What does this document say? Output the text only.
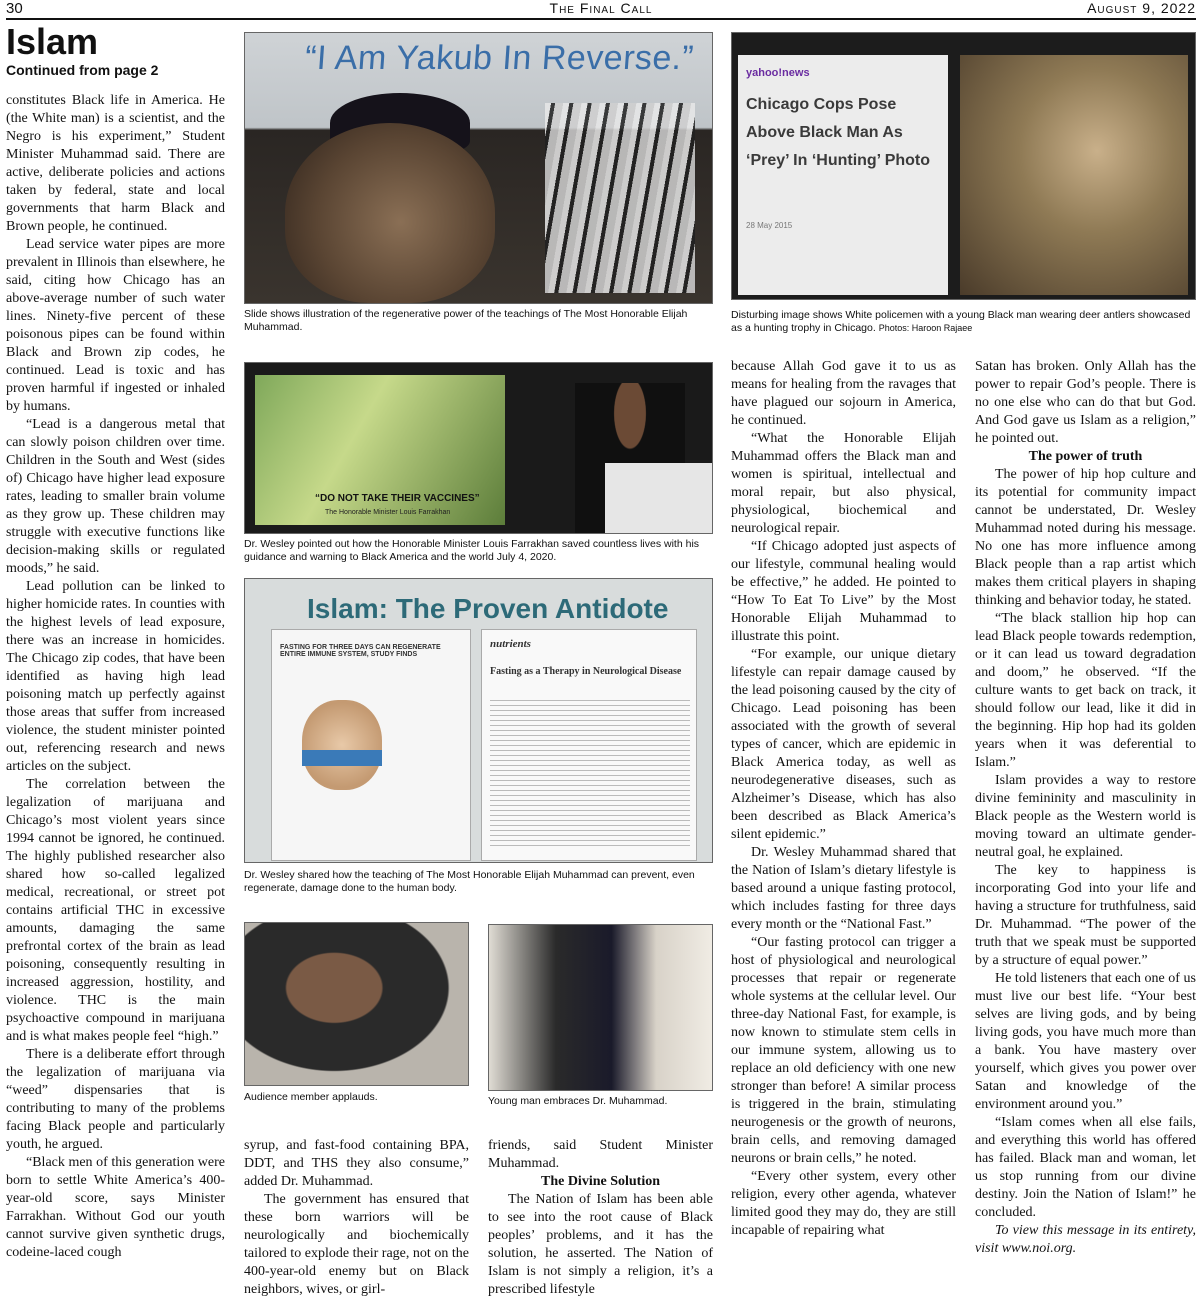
30	The Final Call	August 9, 2022
Islam
Continued from page 2

constitutes Black life in America. He (the White man) is a scientist, and the Negro is his experiment,” Student Minister Muhammad said. There are active, deliberate policies and actions taken by federal, state and local governments that harm Black and Brown people, he continued.

Lead service water pipes are more prevalent in Illinois than elsewhere, he said, citing how Chicago has an above-average number of such water lines. Ninety-five percent of these poisonous pipes can be found within Black and Brown zip codes, he continued. Lead is toxic and has proven harmful if ingested or inhaled by humans.

“Lead is a dangerous metal that can slowly poison children over time. Children in the South and West (sides of) Chicago have higher lead exposure rates, leading to smaller brain volume as they grow up. These children may struggle with executive functions like decision-making skills or regulated moods,” he said.

Lead pollution can be linked to higher homicide rates. In counties with the highest levels of lead exposure, there was an increase in homicides. The Chicago zip codes, that have been identified as having high lead poisoning match up perfectly against those areas that suffer from increased violence, the student minister pointed out, referencing research and news articles on the subject.

The correlation between the legalization of marijuana and Chicago’s most violent years since 1994 cannot be ignored, he continued. The highly published researcher also shared how so-called legalized medical, recreational, or street pot contains artificial THC in excessive amounts, damaging the same prefrontal cortex of the brain as lead poisoning, consequently resulting in increased aggression, hostility, and violence. THC is the main psychoactive compound in marijuana and is what makes people feel “high.”

There is a deliberate effort through the legalization of marijuana via “weed” dispensaries that is contributing to many of the problems facing Black people and particularly youth, he argued.

“Black men of this generation were born to settle White America’s 400-year-old score, says Minister Farrakhan. Without God our youth cannot survive given synthetic drugs, codeine-laced cough

“I Am Yakub In Reverse.”
Slide shows illustration of the regenerative power of the teachings of The Most Honorable Elijah Muhammad.
yahoo!news
Chicago Cops Pose Above Black Man As ‘Prey’ In ‘Hunting’ Photo
28 May 2015
Disturbing image shows White policemen with a young Black man wearing deer antlers showcased as a hunting trophy in Chicago. Photos: Haroon Rajaee
“DO NOT TAKE THEIR VACCINES”
The Honorable Minister Louis Farrakhan
Dr. Wesley pointed out how the Honorable Minister Louis Farrakhan saved countless lives with his guidance and warning to Black America and the world July 4, 2020.
Islam: The Proven Antidote
FASTING FOR THREE DAYS CAN REGENERATE ENTIRE IMMUNE SYSTEM, STUDY FINDS
nutrients
Fasting as a Therapy in Neurological Disease
Dr. Wesley shared how the teaching of The Most Honorable Elijah Muhammad can prevent, even regenerate, damage done to the human body.
Audience member applauds.	Young man embraces Dr. Muhammad.

syrup, and fast-food containing BPA, DDT, and THS they also consume,” added Dr. Muhammad.

The government has ensured that these born warriors will be neurologically and biochemically tailored to explode their rage, not on the 400-year-old enemy but on Black neighbors, wives, or girl-

friends, said Student Minister Muhammad.

The Divine Solution

The Nation of Islam has been able to see into the root cause of Black peoples’ problems, and it has the solution, he asserted. The Nation of Islam is not simply a religion, it’s a prescribed lifestyle

because Allah God gave it to us as means for healing from the ravages that have plagued our sojourn in America, he continued.

“What the Honorable Elijah Muhammad offers the Black man and women is spiritual, intellectual and moral repair, but also physical, physiological, biochemical and neurological repair.

“If Chicago adopted just aspects of our lifestyle, communal healing would be effective,” he added. He pointed to “How To Eat To Live” by the Most Honorable Elijah Muhammad to illustrate this point.

“For example, our unique dietary lifestyle can repair damage caused by the lead poisoning caused by the city of Chicago. Lead poisoning has been associated with the growth of several types of cancer, which are epidemic in Black America today, as well as neurodegenerative diseases, such as Alzheimer’s Disease, which has also been described as Black America’s silent epidemic.”

Dr. Wesley Muhammad shared that the Nation of Islam’s dietary lifestyle is based around a unique fasting protocol, which includes fasting for three days every month or the “National Fast.”

“Our fasting protocol can trigger a host of physiological and neurological processes that repair or regenerate whole systems at the cellular level. Our three-day National Fast, for example, is now known to stimulate stem cells in our immune system, allowing us to replace an old deficiency with one new stronger than before! A similar process is triggered in the brain, stimulating neurogenesis or the growth of neurons, brain cells, and removing damaged neurons or brain cells,” he noted.

“Every other system, every other religion, every other agenda, whatever limited good they may do, they are still incapable of repairing what

Satan has broken. Only Allah has the power to repair God’s people. There is no one else who can do that but God. And God gave us Islam as a religion,” he pointed out.

The power of truth

The power of hip hop culture and its potential for community impact cannot be understated, Dr. Wesley Muhammad noted during his message. No one has more influence among Black people than a rap artist which makes them critical players in shaping thinking and behavior today, he stated.

“The black stallion hip hop can lead Black people towards redemption, or it can lead us toward degradation and doom,” he observed. “If the culture wants to get back on track, it should follow our lead, like it did in the beginning. Hip hop had its golden years when it was deferential to Islam.”

Islam provides a way to restore divine femininity and masculinity in Black people as the Western world is moving toward an ultimate gender-neutral goal, he explained.

The key to happiness is incorporating God into your life and having a structure for truthfulness, said Dr. Muhammad. “The power of the truth that we speak must be supported by a structure of equal power.”

He told listeners that each one of us must live our best life. “Your best selves are living gods, and by being living gods, you have much more than a bank. You have mastery over yourself, which gives you power over Satan and knowledge of the environment around you.”

“Islam comes when all else fails, and everything this world has offered has failed. Black man and woman, let us stop running from our divine destiny. Join the Nation of Islam!” he concluded.

To view this message in its entirety, visit www.noi.org.
